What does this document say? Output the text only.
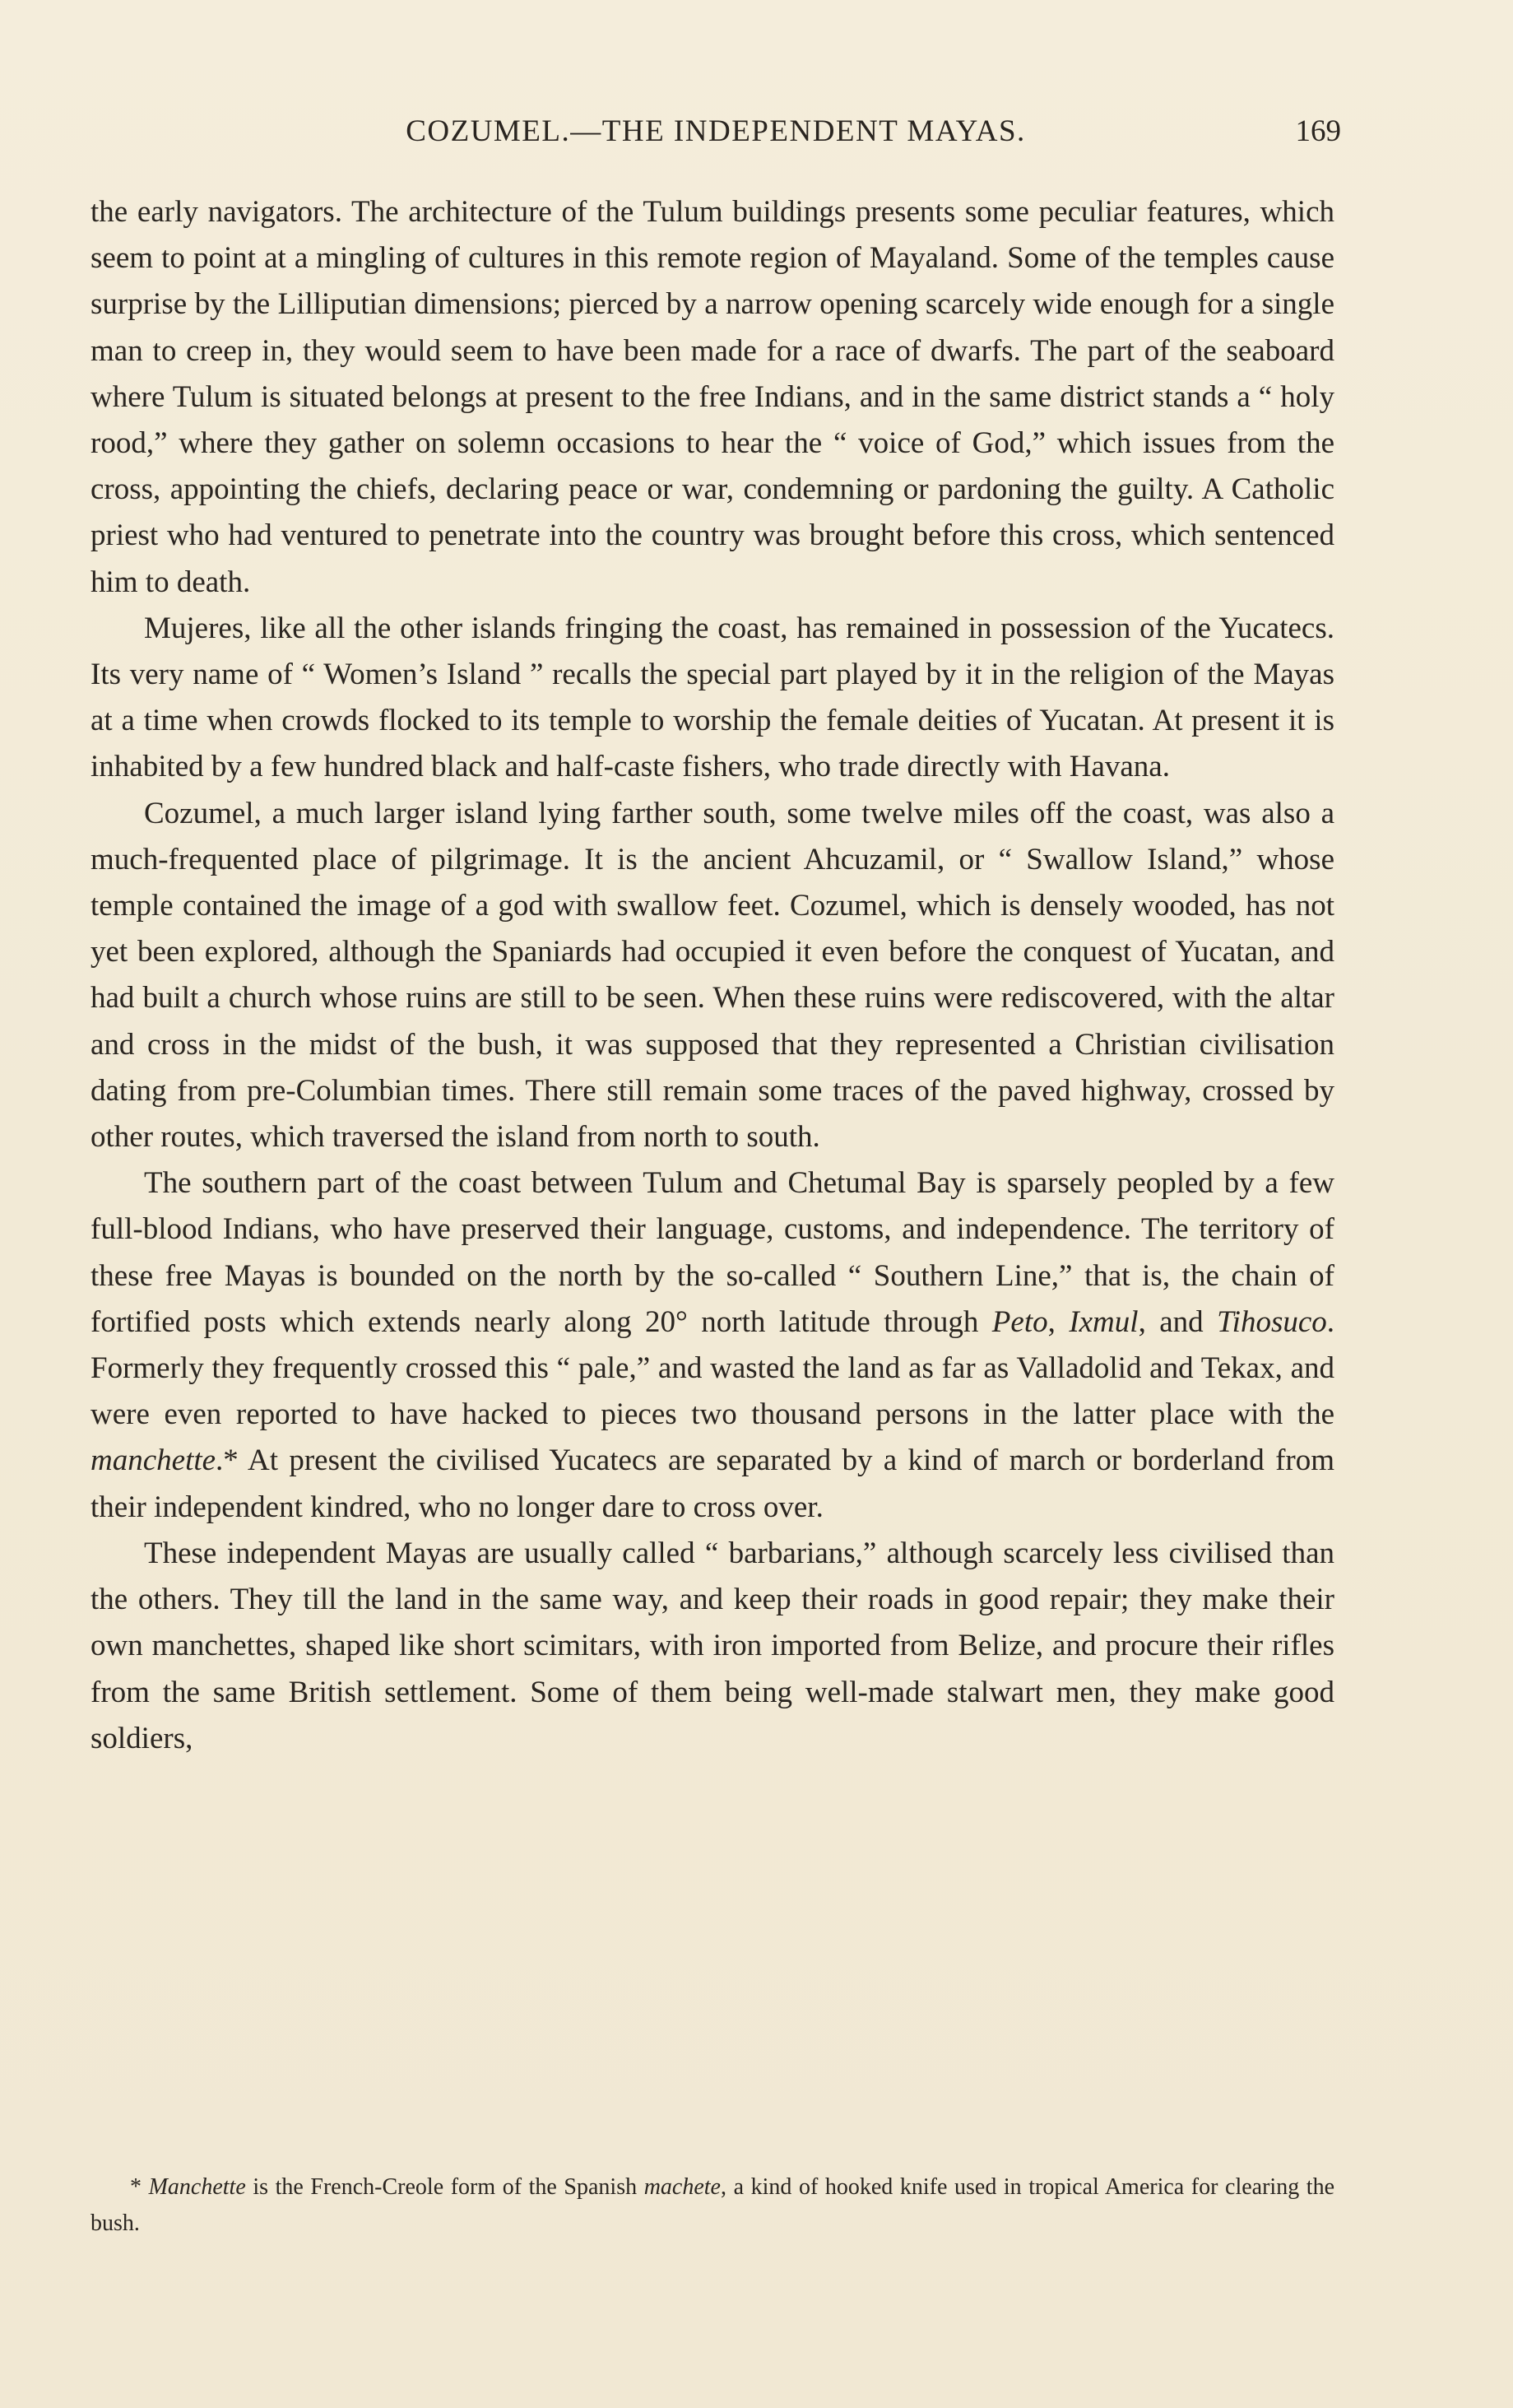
COZUMEL.—THE INDEPENDENT MAYAS.	169

the early navigators. The architecture of the Tulum buildings presents some peculiar features, which seem to point at a mingling of cultures in this remote region of Mayaland. Some of the temples cause surprise by the Lilliputian dimensions; pierced by a narrow opening scarcely wide enough for a single man to creep in, they would seem to have been made for a race of dwarfs. The part of the seaboard where Tulum is situated belongs at present to the free Indians, and in the same district stands a “ holy rood,” where they gather on solemn occasions to hear the “ voice of God,” which issues from the cross, appointing the chiefs, declaring peace or war, condemning or pardoning the guilty. A Catholic priest who had ventured to penetrate into the country was brought before this cross, which sentenced him to death.

Mujeres, like all the other islands fringing the coast, has remained in possession of the Yucatecs. Its very name of “ Women’s Island ” recalls the special part played by it in the religion of the Mayas at a time when crowds flocked to its temple to worship the female deities of Yucatan. At present it is inhabited by a few hundred black and half-caste fishers, who trade directly with Havana.

Cozumel, a much larger island lying farther south, some twelve miles off the coast, was also a much-frequented place of pilgrimage. It is the ancient Ahcuzamil, or “ Swallow Island,” whose temple contained the image of a god with swallow feet. Cozumel, which is densely wooded, has not yet been explored, although the Spaniards had occupied it even before the conquest of Yucatan, and had built a church whose ruins are still to be seen. When these ruins were rediscovered, with the altar and cross in the midst of the bush, it was supposed that they represented a Christian civilisation dating from pre-Columbian times. There still remain some traces of the paved highway, crossed by other routes, which traversed the island from north to south.

The southern part of the coast between Tulum and Chetumal Bay is sparsely peopled by a few full-blood Indians, who have preserved their language, customs, and independence. The territory of these free Mayas is bounded on the north by the so-called “ Southern Line,” that is, the chain of fortified posts which extends nearly along 20° north latitude through Peto, Ixmul, and Tihosuco. Formerly they frequently crossed this “ pale,” and wasted the land as far as Valladolid and Tekax, and were even reported to have hacked to pieces two thousand persons in the latter place with the manchette.* At present the civilised Yucatecs are separated by a kind of march or borderland from their independent kindred, who no longer dare to cross over.

These independent Mayas are usually called “ barbarians,” although scarcely less civilised than the others. They till the land in the same way, and keep their roads in good repair; they make their own manchettes, shaped like short scimitars, with iron imported from Belize, and procure their rifles from the same British settlement. Some of them being well-made stalwart men, they make good soldiers,

* Manchette is the French-Creole form of the Spanish machete, a kind of hooked knife used in tropical America for clearing the bush.
